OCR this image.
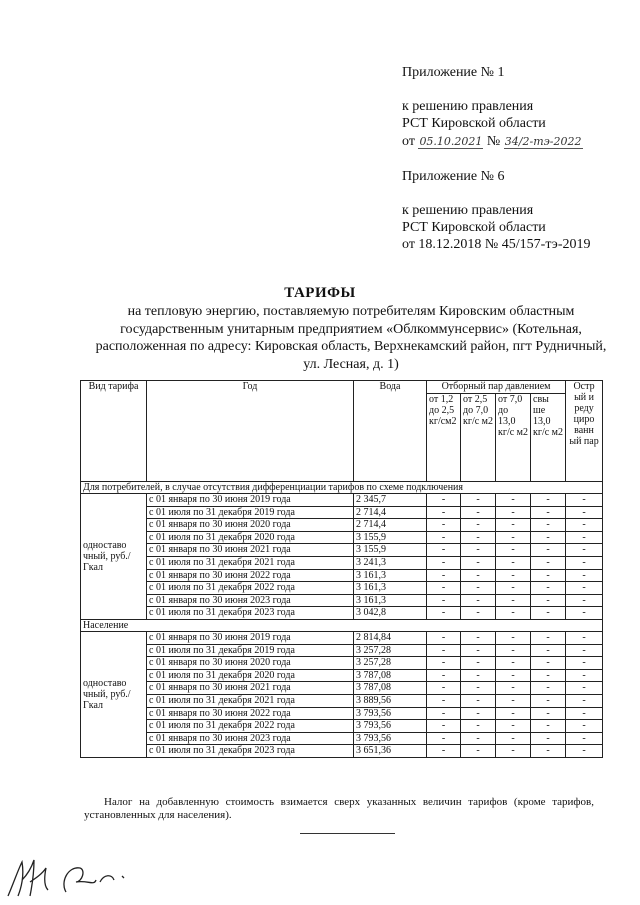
Приложение № 1
к решению правления
РСТ Кировской области
от 05.10.2021 № 34/2-тэ-2022
Приложение № 6
к решению правления
РСТ Кировской области
от 18.12.2018 № 45/157-тэ-2019
ТАРИФЫ
на тепловую энергию, поставляемую потребителям Кировским областным государственным унитарным предприятием «Облкоммунсервис» (Котельная, расположенная по адресу: Кировская область, Верхнекамский район, пгт Рудничный, ул. Лесная, д. 1)
Вид тарифа	Год	Вода	Отборный пар давлением				Остр ый и реду циро ванн ый пар
			от 1,2 до 2,5 кг/см2	от 2,5 до 7,0 кг/с м2	от 7,0 до 13,0 кг/с м2	свы ше 13,0 кг/с м2	
Для потребителей, в случае отсутствия дифференциации тарифов по схеме подключения							
одноставо чный, руб./Гкал	с 01 января по 30 июня 2019 года	2 345,7	-	-	-	-	-
	с 01 июля по 31 декабря 2019 года	2 714,4	-	-	-	-	-
	с 01 января по 30 июня 2020 года	2 714,4	-	-	-	-	-
	с 01 июля по 31 декабря 2020 года	3 155,9	-	-	-	-	-
	с 01 января по 30 июня 2021 года	3 155,9	-	-	-	-	-
	с 01 июля по 31 декабря 2021 года	3 241,3	-	-	-	-	-
	с 01 января по 30 июня 2022 года	3 161,3	-	-	-	-	-
	с 01 июля по 31 декабря 2022 года	3 161,3	-	-	-	-	-
	с 01 января по 30 июня 2023 года	3 161,3	-	-	-	-	-
	с 01 июля по 31 декабря 2023 года	3 042,8	-	-	-	-	-
Население							
одноставо чный, руб./Гкал	с 01 января по 30 июня 2019 года	2 814,84	-	-	-	-	-
	с 01 июля по 31 декабря 2019 года	3 257,28	-	-	-	-	-
	с 01 января по 30 июня 2020 года	3 257,28	-	-	-	-	-
	с 01 июля по 31 декабря 2020 года	3 787,08	-	-	-	-	-
	с 01 января по 30 июня 2021 года	3 787,08	-	-	-	-	-
	с 01 июля по 31 декабря 2021 года	3 889,56	-	-	-	-	-
	с 01 января по 30 июня 2022 года	3 793,56	-	-	-	-	-
	с 01 июля по 31 декабря 2022 года	3 793,56	-	-	-	-	-
	с 01 января по 30 июня 2023 года	3 793,56	-	-	-	-	-
	с 01 июля по 31 декабря 2023 года	3 651,36	-	-	-	-	-
Налог на добавленную стоимость взимается сверх указанных величин тарифов (кроме тарифов, установленных для населения).
